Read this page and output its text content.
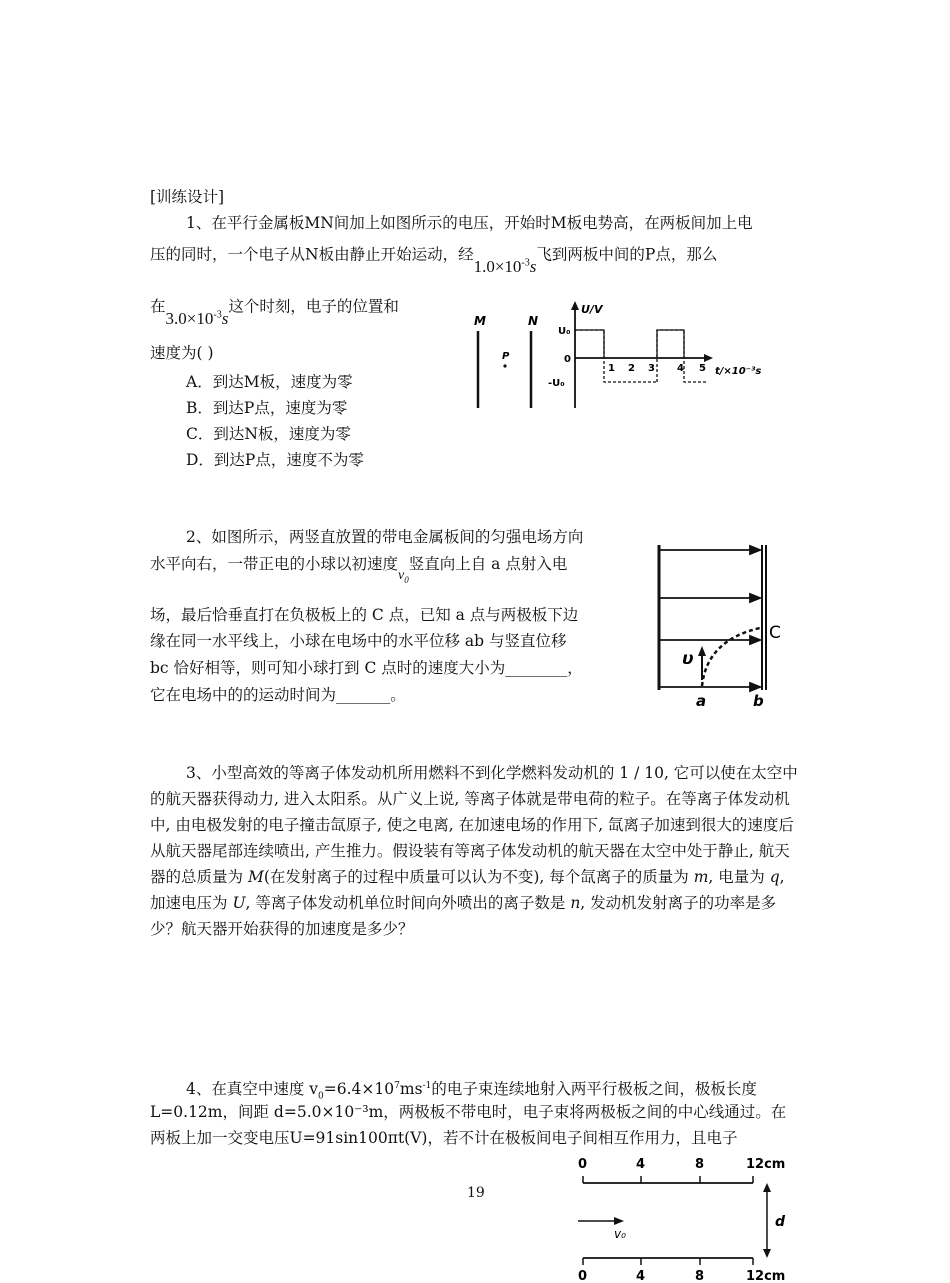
[训练设计]
1、在平行金属板MN间加上如图所示的电压，开始时M板电势高，在两板间加上电
压的同时，一个电子从N板由静止开始运动，经$1.0\times 10^{-3}s$飞到两板中间的P点，那么
在$3.0\times 10^{-3}s$这个时刻，电子的位置和
速度为( )
A．到达M板，速度为零
B．到达P点，速度为零
C．到达N板，速度为零
D．到达P点，速度不为零
M	N
P
U/V
t/×10⁻³s
U₀
0
-U₀
1 2 3 4 5
2、如图所示，两竖直放置的带电金属板间的匀强电场方向
水平向右，一带正电的小球以初速度$v_0$竖直向上自 a 点射入电
场，最后恰垂直打在负极板上的 C 点，已知 a 点与两极板下边
缘在同一水平线上，小球在电场中的水平位移 ab 与竖直位移
bc 恰好相等，则可知小球打到 C 点时的速度大小为________，
它在电场中的的运动时间为_______。
υ
C
a	b
3、小型高效的等离子体发动机所用燃料不到化学燃料发动机的 1 / 10, 它可以使在太空中的航天器获得动力, 进入太阳系。从广义上说, 等离子体就是带电荷的粒子。在等离子体发动机中, 由电极发射的电子撞击氙原子, 使之电离, 在加速电场的作用下, 氙离子加速到很大的速度后从航天器尾部连续喷出, 产生推力。假设装有等离子体发动机的航天器在太空中处于静止, 航天器的总质量为 M(在发射离子的过程中质量可以认为不变), 每个氙离子的质量为 m, 电量为 q, 加速电压为 U, 等离子体发动机单位时间向外喷出的离子数是 n, 发动机发射离子的功率是多少？航天器开始获得的加速度是多少？
4、在真空中速度 $v_0=6.4\times 10^7ms^{-1}$的电子束连续地射入两平行极板之间，极板长度
L=0.12m，间距 d=5.0×10⁻³m，两极板不带电时，电子束将两极板之间的中心线通过。在
两板上加一交变电压U=91sin100πt(V)，若不计在极板间电子间相互作用力，且电子
19
0	4	8	12cm
0	4	8	12cm
v₀
d
